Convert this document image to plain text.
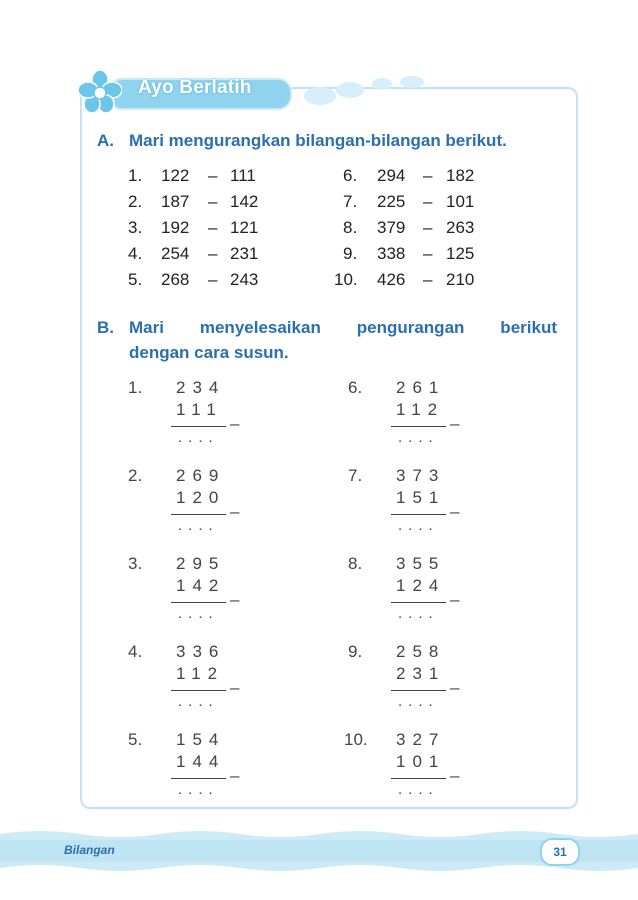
Ayo Berlatih
A. Mari mengurangkan bilangan-bilangan berikut.
1. 122 – 111
2. 187 – 142
3. 192 – 121
4. 254 – 231
5. 268 – 243
6. 294 – 182
7. 225 – 101
8. 379 – 263
9. 338 – 125
10. 426 – 210
B. Mari menyelesaikan pengurangan berikut
dengan cara susun.
1. 234
111
–
....
2. 269
120
–
....
3. 295
142
–
....
4. 336
112
–
....
5. 154
144
–
....
6. 261
112
–
....
7. 373
151
–
....
8. 355
124
–
....
9. 258
231
–
....
10. 327
101
–
....
Bilangan	31
